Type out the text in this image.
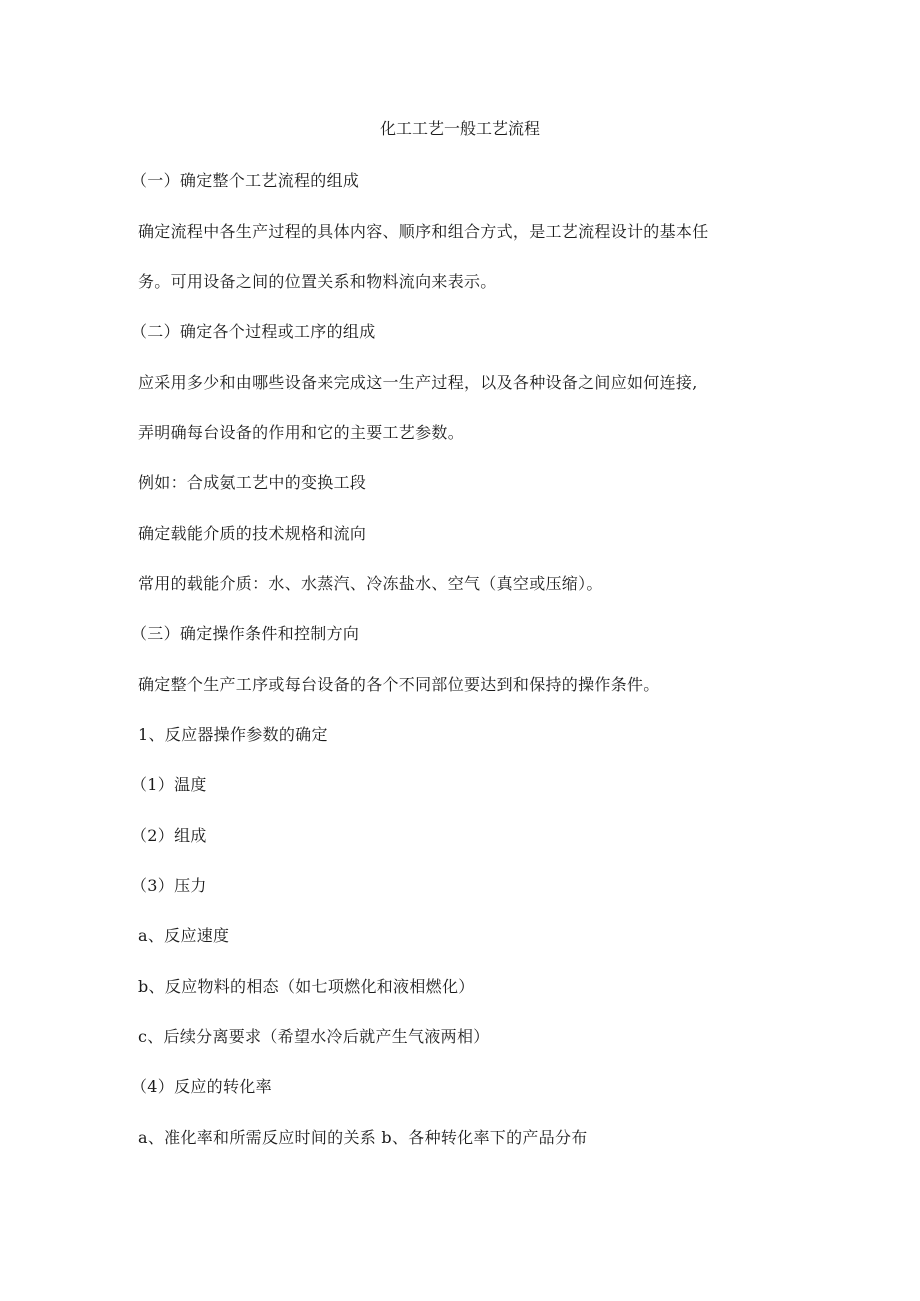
化工工艺一般工艺流程
（一）确定整个工艺流程的组成
确定流程中各生产过程的具体内容、顺序和组合方式，是工艺流程设计的基本任
务。可用设备之间的位置关系和物料流向来表示。
（二）确定各个过程或工序的组成
应采用多少和由哪些设备来完成这一生产过程，以及各种设备之间应如何连接,
弄明确每台设备的作用和它的主要工艺参数。
例如：合成氨工艺中的变换工段
确定载能介质的技术规格和流向
常用的载能介质：水、水蒸汽、冷冻盐水、空气（真空或压缩）。
（三）确定操作条件和控制方向
确定整个生产工序或每台设备的各个不同部位要达到和保持的操作条件。
1、反应器操作参数的确定
（1）温度
（2）组成
（3）压力
a、反应速度
b、反应物料的相态（如七项燃化和液相燃化）
c、后续分离要求（希望水冷后就产生气液两相）
（4）反应的转化率
a、准化率和所需反应时间的关系 b、各种转化率下的产品分布
